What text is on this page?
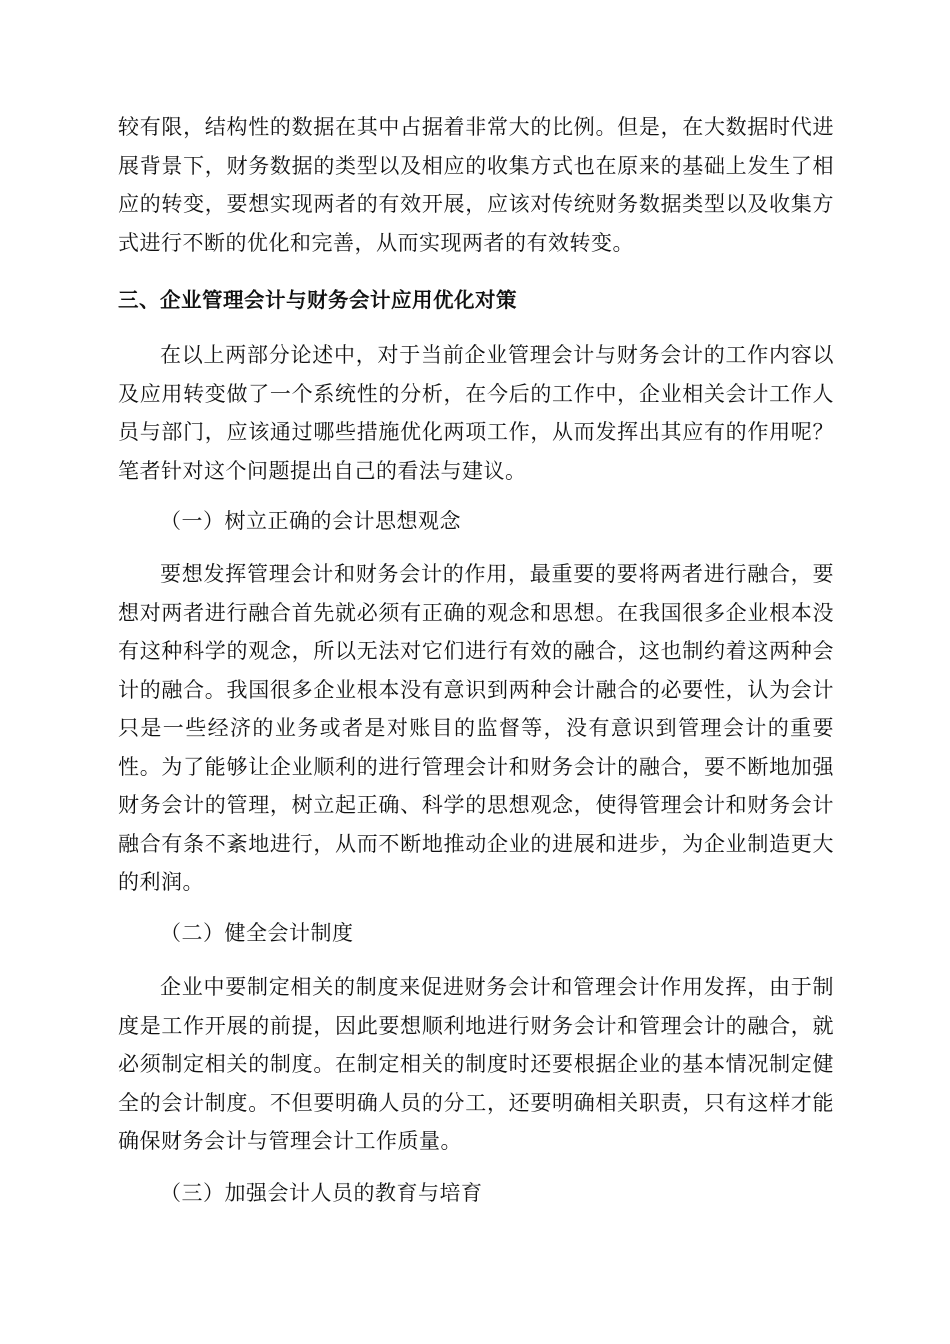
较有限，结构性的数据在其中占据着非常大的比例。但是，在大数据时代进展背景下，财务数据的类型以及相应的收集方式也在原来的基础上发生了相应的转变，要想实现两者的有效开展，应该对传统财务数据类型以及收集方式进行不断的优化和完善，从而实现两者的有效转变。

三、企业管理会计与财务会计应用优化对策

在以上两部分论述中，对于当前企业管理会计与财务会计的工作内容以及应用转变做了一个系统性的分析，在今后的工作中，企业相关会计工作人员与部门，应该通过哪些措施优化两项工作，从而发挥出其应有的作用呢？笔者针对这个问题提出自己的看法与建议。

（一）树立正确的会计思想观念

要想发挥管理会计和财务会计的作用，最重要的要将两者进行融合，要想对两者进行融合首先就必须有正确的观念和思想。在我国很多企业根本没有这种科学的观念，所以无法对它们进行有效的融合，这也制约着这两种会计的融合。我国很多企业根本没有意识到两种会计融合的必要性，认为会计只是一些经济的业务或者是对账目的监督等，没有意识到管理会计的重要性。为了能够让企业顺利的进行管理会计和财务会计的融合，要不断地加强财务会计的管理，树立起正确、科学的思想观念，使得管理会计和财务会计融合有条不紊地进行，从而不断地推动企业的进展和进步，为企业制造更大的利润。

（二）健全会计制度

企业中要制定相关的制度来促进财务会计和管理会计作用发挥，由于制度是工作开展的前提，因此要想顺利地进行财务会计和管理会计的融合，就必须制定相关的制度。在制定相关的制度时还要根据企业的基本情况制定健全的会计制度。不但要明确人员的分工，还要明确相关职责，只有这样才能确保财务会计与管理会计工作质量。

（三）加强会计人员的教育与培育
